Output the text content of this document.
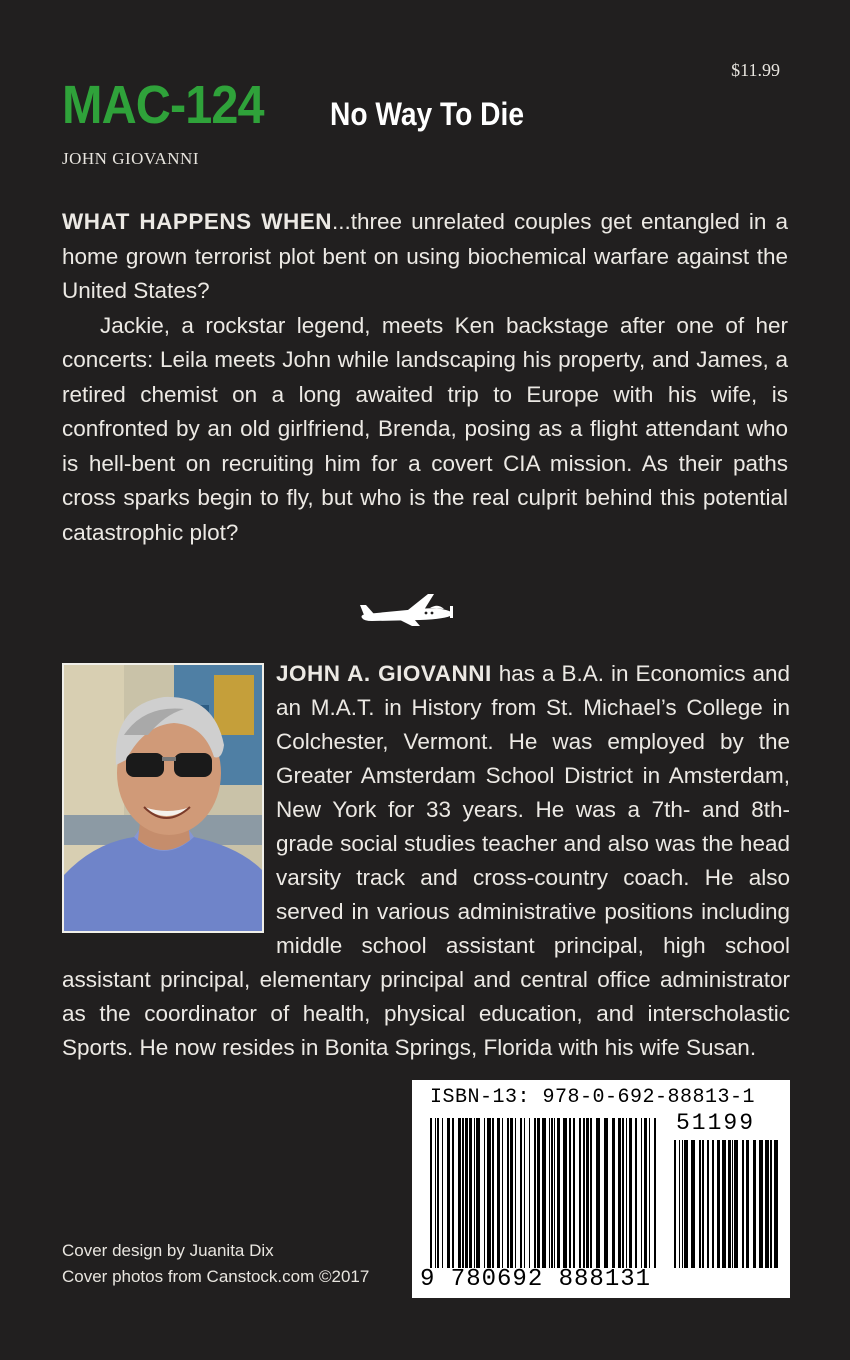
$11.99
MAC-124 No Way To Die
JOHN GIOVANNI

WHAT HAPPENS WHEN...three unrelated couples get entangled in a home grown terrorist plot bent on using biochemical warfare against the United States?

Jackie, a rockstar legend, meets Ken backstage after one of her concerts: Leila meets John while landscaping his property, and James, a retired chemist on a long awaited trip to Europe with his wife, is confronted by an old girlfriend, Brenda, posing as a flight attendant who is hell-bent on recruiting him for a covert CIA mission. As their paths cross sparks begin to fly, but who is the real culprit behind this potential catastrophic plot?

JOHN A. GIOVANNI has a B.A. in Economics and an M.A.T. in History from St. Michael’s College in Colchester, Vermont. He was employed by the Greater Amsterdam School District in Amsterdam, New York for 33 years. He was a 7th- and 8th-grade social studies teacher and also was the head varsity track and cross-country coach. He also served in various administrative positions including middle school assistant principal, high school assistant principal, elementary principal and central office administrator as the coordinator of health, physical education, and interscholastic Sports. He now resides in Bonita Springs, Florida with his wife Susan.
Cover design by Juanita Dix
Cover photos from Canstock.com ©2017
ISBN-13: 978-0-692-88813-1
51199
9 780692 888131
